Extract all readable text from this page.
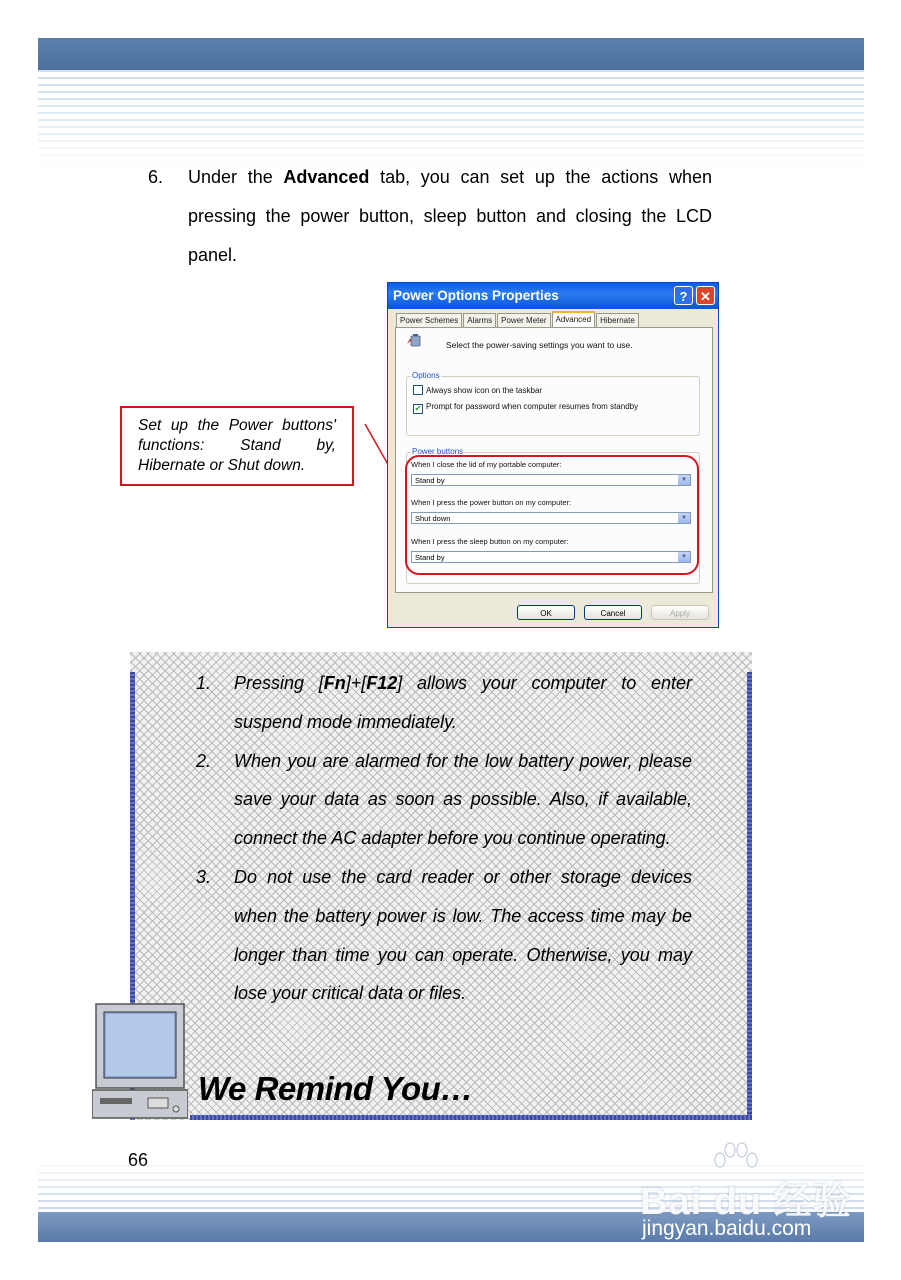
6. Under the Advanced tab, you can set up the actions when pressing the power button, sleep button and closing the LCD panel.
Set up the Power buttons' functions: Stand by, Hibernate or Shut down.
Power Options Properties	? ✕
Power Schemes	Alarms	Power Meter	Advanced	Hibernate
Select the power-saving settings you want to use.
Options
Always show icon on the taskbar
✔ Prompt for password when computer resumes from standby
Power buttons
When I close the lid of my portable computer:
Stand by	▼
When I press the power button on my computer:
Shut down	▼
When I press the sleep button on my computer:
Stand by	▼
OK	Cancel	Apply
1. Pressing [Fn]+[F12] allows your computer to enter suspend mode immediately.
2. When you are alarmed for the low battery power, please save your data as soon as possible. Also, if available, connect the AC adapter before you continue operating.
3. Do not use the card reader or other storage devices when the battery power is low. The access time may be longer than time you can operate. Otherwise, you may lose your critical data or files.
We Remind You…
Bai du 经验
jingyan.baidu.com
